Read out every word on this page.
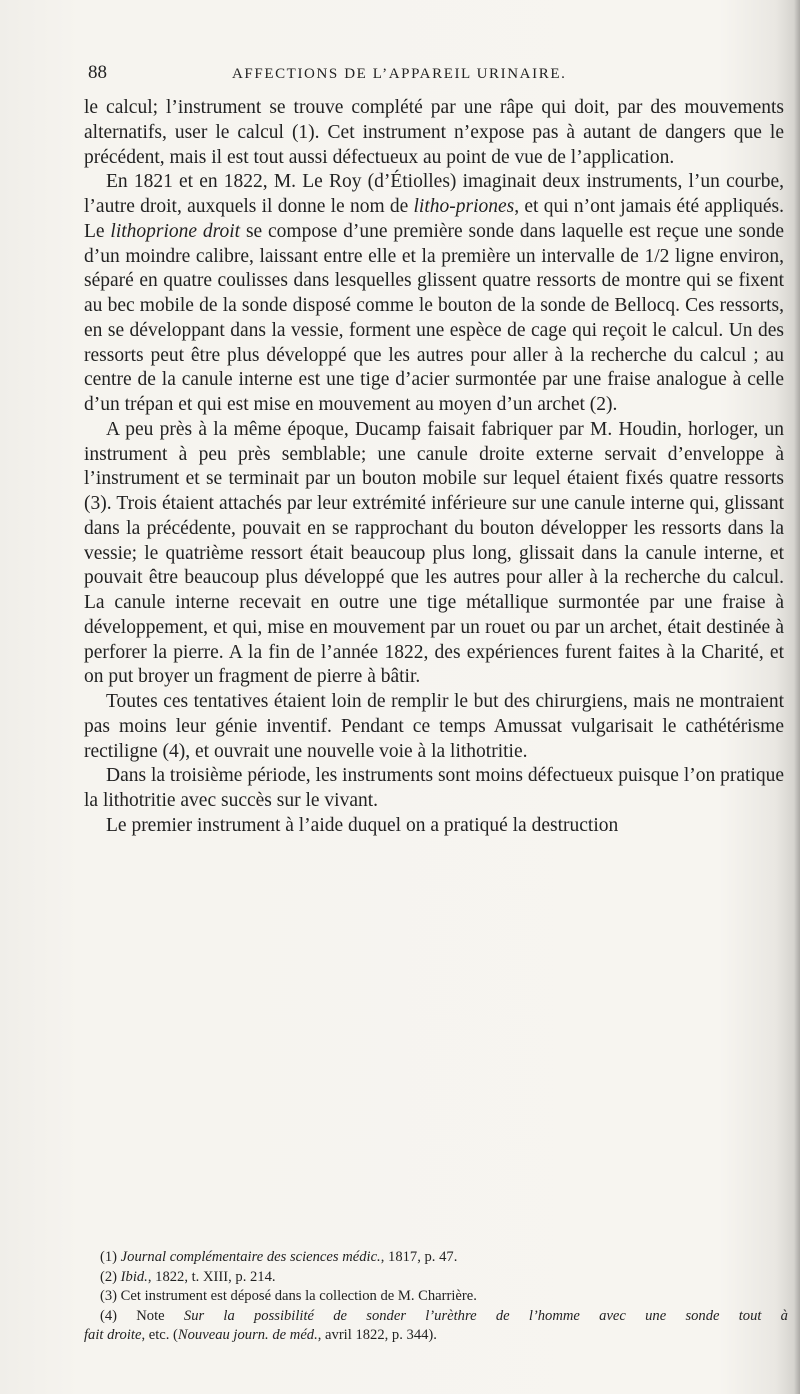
88	AFFECTIONS DE L’APPAREIL URINAIRE.

le calcul; l’instrument se trouve complété par une râpe qui doit, par des mouvements alternatifs, user le calcul (1). Cet instrument n’expose pas à autant de dangers que le précédent, mais il est tout aussi défectueux au point de vue de l’application.

En 1821 et en 1822, M. Le Roy (d’Étiolles) imaginait deux instruments, l’un courbe, l’autre droit, auxquels il donne le nom de litho-priones, et qui n’ont jamais été appliqués. Le lithoprione droit se compose d’une première sonde dans laquelle est reçue une sonde d’un moindre calibre, laissant entre elle et la première un intervalle de 1/2 ligne environ, séparé en quatre coulisses dans lesquelles glissent quatre ressorts de montre qui se fixent au bec mobile de la sonde disposé comme le bouton de la sonde de Bellocq. Ces ressorts, en se développant dans la vessie, forment une espèce de cage qui reçoit le calcul. Un des ressorts peut être plus développé que les autres pour aller à la recherche du calcul ; au centre de la canule interne est une tige d’acier surmontée par une fraise analogue à celle d’un trépan et qui est mise en mouvement au moyen d’un archet (2).

A peu près à la même époque, Ducamp faisait fabriquer par M. Houdin, horloger, un instrument à peu près semblable; une canule droite externe servait d’enveloppe à l’instrument et se terminait par un bouton mobile sur lequel étaient fixés quatre ressorts (3). Trois étaient attachés par leur extrémité inférieure sur une canule interne qui, glissant dans la précédente, pouvait en se rapprochant du bouton développer les ressorts dans la vessie; le quatrième ressort était beaucoup plus long, glissait dans la canule interne, et pouvait être beaucoup plus développé que les autres pour aller à la recherche du calcul. La canule interne recevait en outre une tige métallique surmontée par une fraise à développement, et qui, mise en mouvement par un rouet ou par un archet, était destinée à perforer la pierre. A la fin de l’année 1822, des expériences furent faites à la Charité, et on put broyer un fragment de pierre à bâtir.

Toutes ces tentatives étaient loin de remplir le but des chirurgiens, mais ne montraient pas moins leur génie inventif. Pendant ce temps Amussat vulgarisait le cathétérisme rectiligne (4), et ouvrait une nouvelle voie à la lithotritie.

Dans la troisième période, les instruments sont moins défectueux puisque l’on pratique la lithotritie avec succès sur le vivant.

Le premier instrument à l’aide duquel on a pratiqué la destruction

(1) Journal complémentaire des sciences médic., 1817, p. 47.

(2) Ibid., 1822, t. XIII, p. 214.

(3) Cet instrument est déposé dans la collection de M. Charrière.

(4) Note Sur la possibilité de sonder l’urèthre de l’homme avec une sonde tout à

fait droite, etc. (Nouveau journ. de méd., avril 1822, p. 344).
